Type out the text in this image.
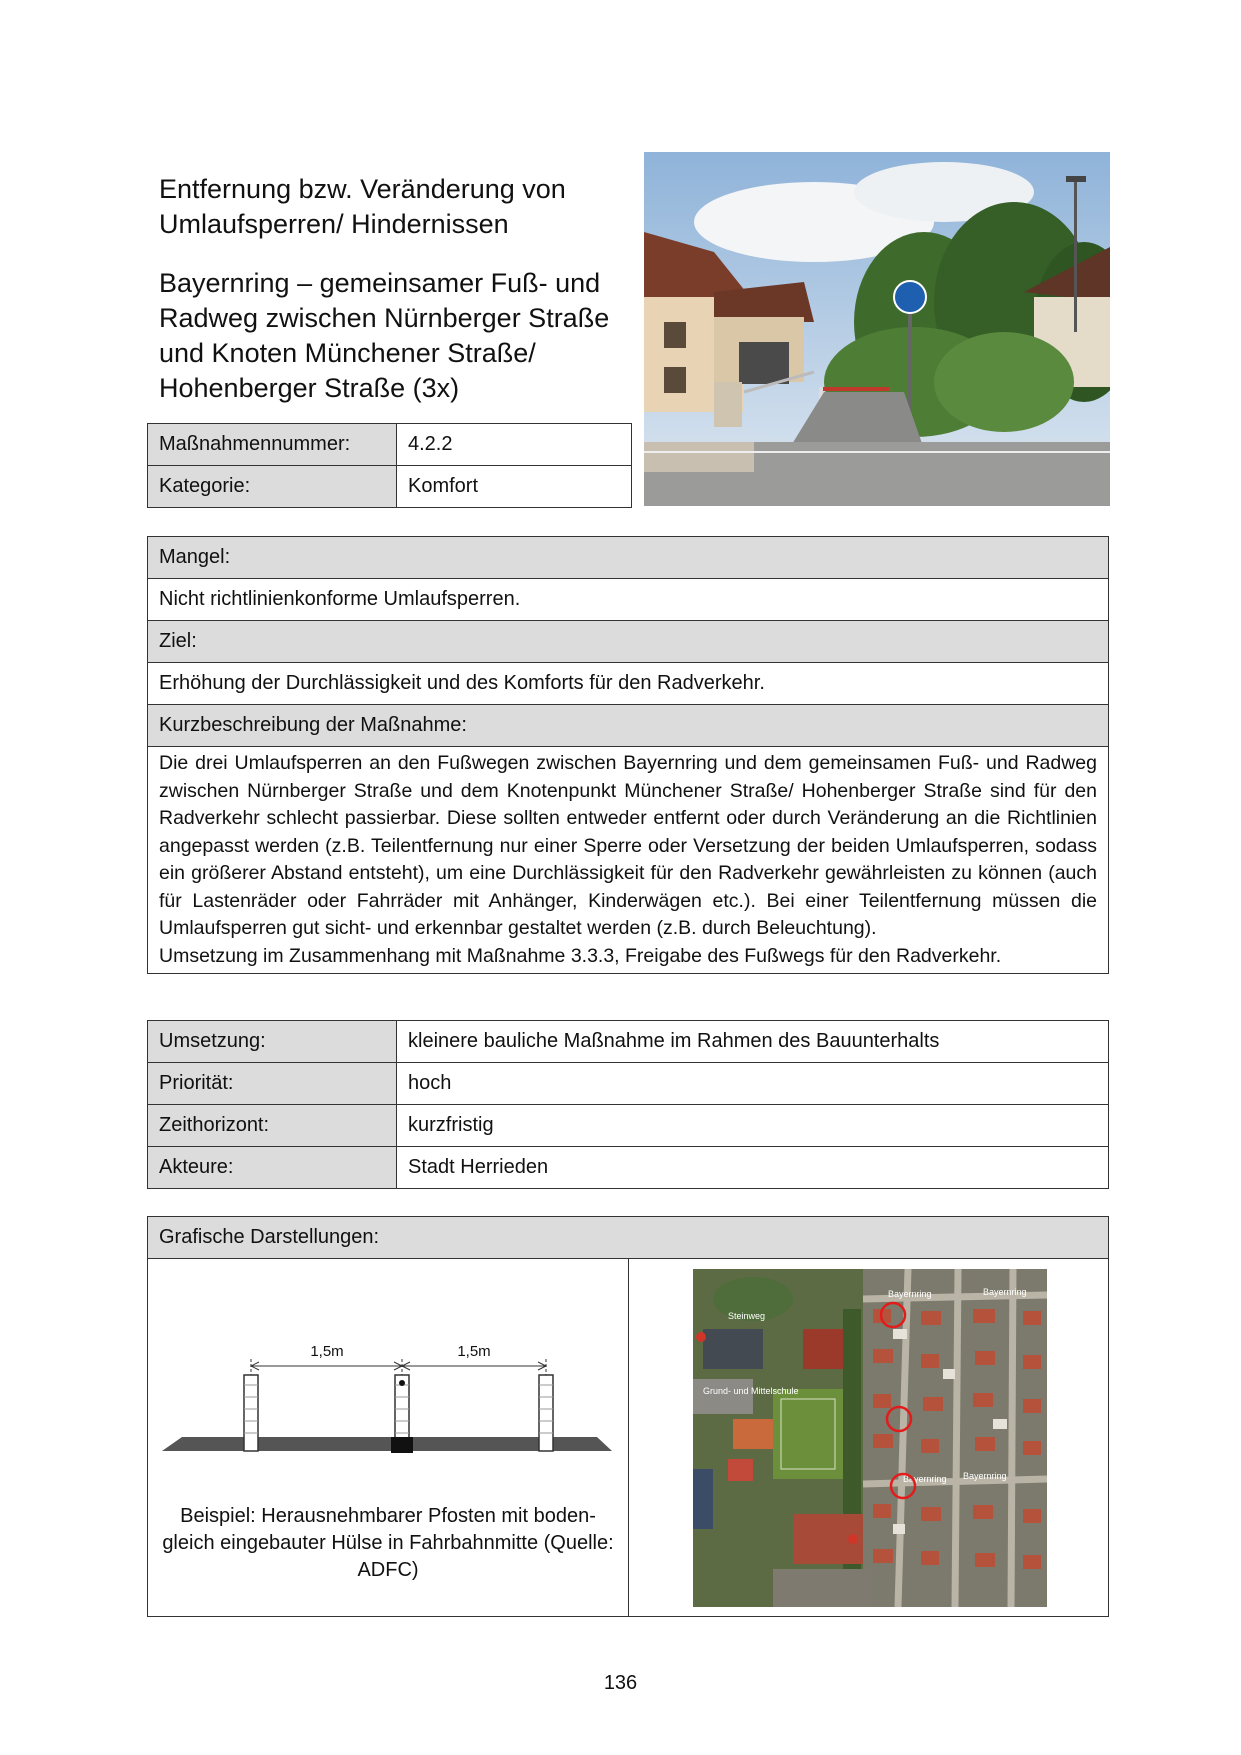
Entfernung bzw. Veränderung von Umlaufsperren/ Hindernissen
Bayernring – gemeinsamer Fuß- und Radweg zwischen Nürnberger Straße und Knoten Münchener Straße/ Hohenberger Straße (3x)
Maßnahmennummer:	4.2.2
Kategorie:	Komfort
Mangel:
Nicht richtlinienkonforme Umlaufsperren.
Ziel:
Erhöhung der Durchlässigkeit und des Komforts für den Radverkehr.
Kurzbeschreibung der Maßnahme:

Die drei Umlaufsperren an den Fußwegen zwischen Bayernring und dem gemeinsamen Fuß- und Radweg zwischen Nürnberger Straße und dem Knotenpunkt Münchener Straße/ Hohenberger Straße sind für den Radverkehr schlecht passierbar. Diese sollten entweder entfernt oder durch Veränderung an die Richtlinien angepasst werden (z.B. Teilentfernung nur einer Sperre oder Versetzung der beiden Umlaufsperren, sodass ein größerer Abstand entsteht), um eine Durchlässigkeit für den Radverkehr gewährleisten zu können (auch für Lastenräder oder Fahrräder mit Anhänger, Kinderwägen etc.). Bei einer Teilentfernung müssen die Umlaufsperren gut sicht- und erkennbar gestaltet werden (z.B. durch Beleuchtung).
Umsetzung im Zusammenhang mit Maßnahme 3.3.3, Freigabe des Fußwegs für den Radverkehr.
Umsetzung:	kleinere bauliche Maßnahme im Rahmen des Bauunterhalts
Priorität:	hoch
Zeithorizont:	kurzfristig
Akteure:	Stadt Herrieden
Grafische Darstellungen:

1,5m	1,5m
Beispiel: Herausnehmbarer Pfosten mit boden-gleich eingebauter Hülse in Fahrbahnmitte (Quelle: ADFC)

Steinweg
Bayernring	Bayernring
Grund- und Mittelschule
Bayernring Bayernring
136
